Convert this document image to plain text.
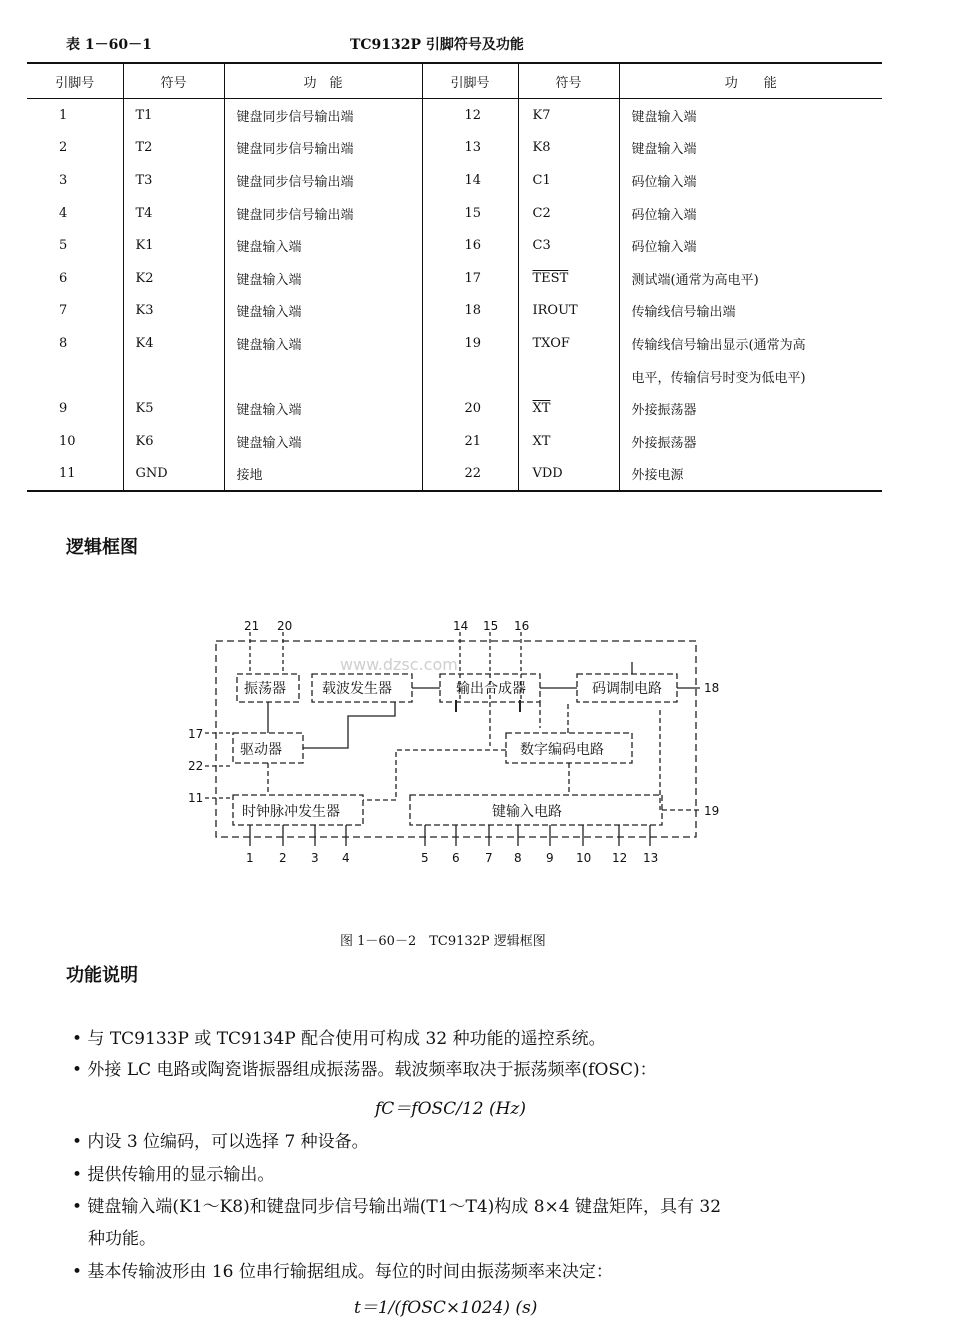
表 1－60－1	TC9132P 引脚符号及功能
引脚号	符号	功　能	引脚号	符号	功　　能
1	T1	键盘同步信号输出端	12	K7	键盘输入端
2	T2	键盘同步信号输出端	13	K8	键盘输入端
3	T3	键盘同步信号输出端	14	C1	码位输入端
4	T4	键盘同步信号输出端	15	C2	码位输入端
5	K1	键盘输入端	16	C3	码位输入端
6	K2	键盘输入端	17	TEST	测试端(通常为高电平)
7	K3	键盘输入端	18	IROUT	传输线信号输出端
8	K4	键盘输入端	19	TXOF	传输线信号输出显示(通常为高
					电平，传输信号时变为低电平)
9	K5	键盘输入端	20	$\overline{XT}$	外接振荡器
10	K6	键盘输入端	21	XT	外接振荡器
11	GND	接地	22	VDD	外接电源
逻辑框图
振荡器	载波发生器	输出合成器	码调制电路
驱动器	数字编码电路
时钟脉冲发生器	键输入电路
www.dzsc.com
21 20	14 15 16
17
22
11
18
19
1 2 3 4	5 6 7 8 9 10 12 13
图 1－60－2　TC9132P 逻辑框图
功能说明
• 与 TC9133P 或 TC9134P 配合使用可构成 32 种功能的遥控系统。
• 外接 LC 电路或陶瓷谐振器组成振荡器。载波频率取决于振荡频率(fOSC)：
fC＝fOSC/12 (Hz)
• 内设 3 位编码，可以选择 7 种设备。
• 提供传输用的显示输出。
• 键盘输入端(K1～K8)和键盘同步信号输出端(T1～T4)构成 8×4 键盘矩阵，具有 32
种功能。
• 基本传输波形由 16 位串行输据组成。每位的时间由振荡频率来决定：
t＝1/(fOSC×1024) (s)
